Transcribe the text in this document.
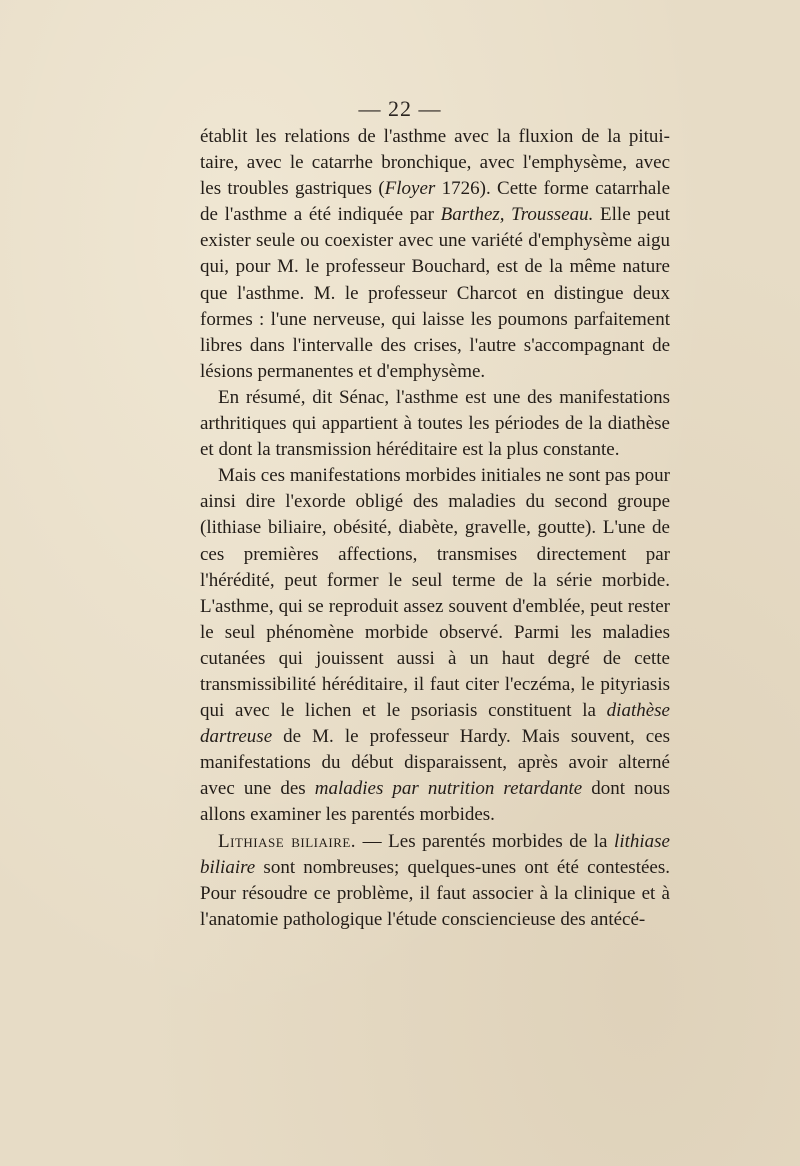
— 22 —

établit les relations de l'asthme avec la fluxion de la pituitaire, avec le catarrhe bronchique, avec l'emphysème, avec les troubles gastriques (Floyer 1726). Cette forme catarrhale de l'asthme a été indiquée par Barthez, Trousseau. Elle peut exister seule ou coexister avec une variété d'emphysème aigu qui, pour M. le professeur Bouchard, est de la même nature que l'asthme. M. le professeur Charcot en distingue deux formes : l'une nerveuse, qui laisse les poumons parfaitement libres dans l'intervalle des crises, l'autre s'accompagnant de lésions permanentes et d'emphysème.

En résumé, dit Sénac, l'asthme est une des manifestations arthritiques qui appartient à toutes les périodes de la diathèse et dont la transmission héréditaire est la plus constante.

Mais ces manifestations morbides initiales ne sont pas pour ainsi dire l'exorde obligé des maladies du second groupe (lithiase biliaire, obésité, diabète, gravelle, goutte). L'une de ces premières affections, transmises directement par l'hérédité, peut former le seul terme de la série morbide. L'asthme, qui se reproduit assez souvent d'emblée, peut rester le seul phénomène morbide observé. Parmi les maladies cutanées qui jouissent aussi à un haut degré de cette transmissibilité héréditaire, il faut citer l'eczéma, le pityriasis qui avec le lichen et le psoriasis constituent la diathèse dartreuse de M. le professeur Hardy. Mais souvent, ces manifestations du début disparaissent, après avoir alterné avec une des maladies par nutrition retardante dont nous allons examiner les parentés morbides.

Lithiase biliaire. — Les parentés morbides de la lithiase biliaire sont nombreuses; quelques-unes ont été contestées. Pour résoudre ce problème, il faut associer à la clinique et à l'anatomie pathologique l'étude consciencieuse des antécé-
